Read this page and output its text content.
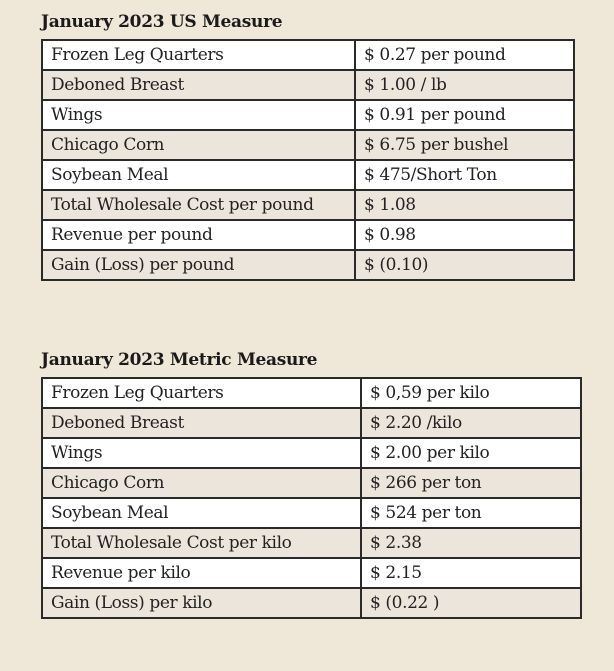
January 2023 US Measure
Frozen Leg Quarters	$ 0.27 per pound
Deboned Breast	$ 1.00 / lb
Wings	$ 0.91 per pound
Chicago Corn	$ 6.75 per bushel
Soybean Meal	$ 475/Short Ton
Total Wholesale Cost per pound	$ 1.08
Revenue per pound	$ 0.98
Gain (Loss) per pound	$ (0.10)
January 2023 Metric Measure
Frozen Leg Quarters	$ 0,59 per kilo
Deboned Breast	$ 2.20 /kilo
Wings	$ 2.00 per kilo
Chicago Corn	$ 266 per ton
Soybean Meal	$ 524 per ton
Total Wholesale Cost per kilo	$ 2.38
Revenue per kilo	$ 2.15
Gain (Loss) per kilo	$ (0.22 )
